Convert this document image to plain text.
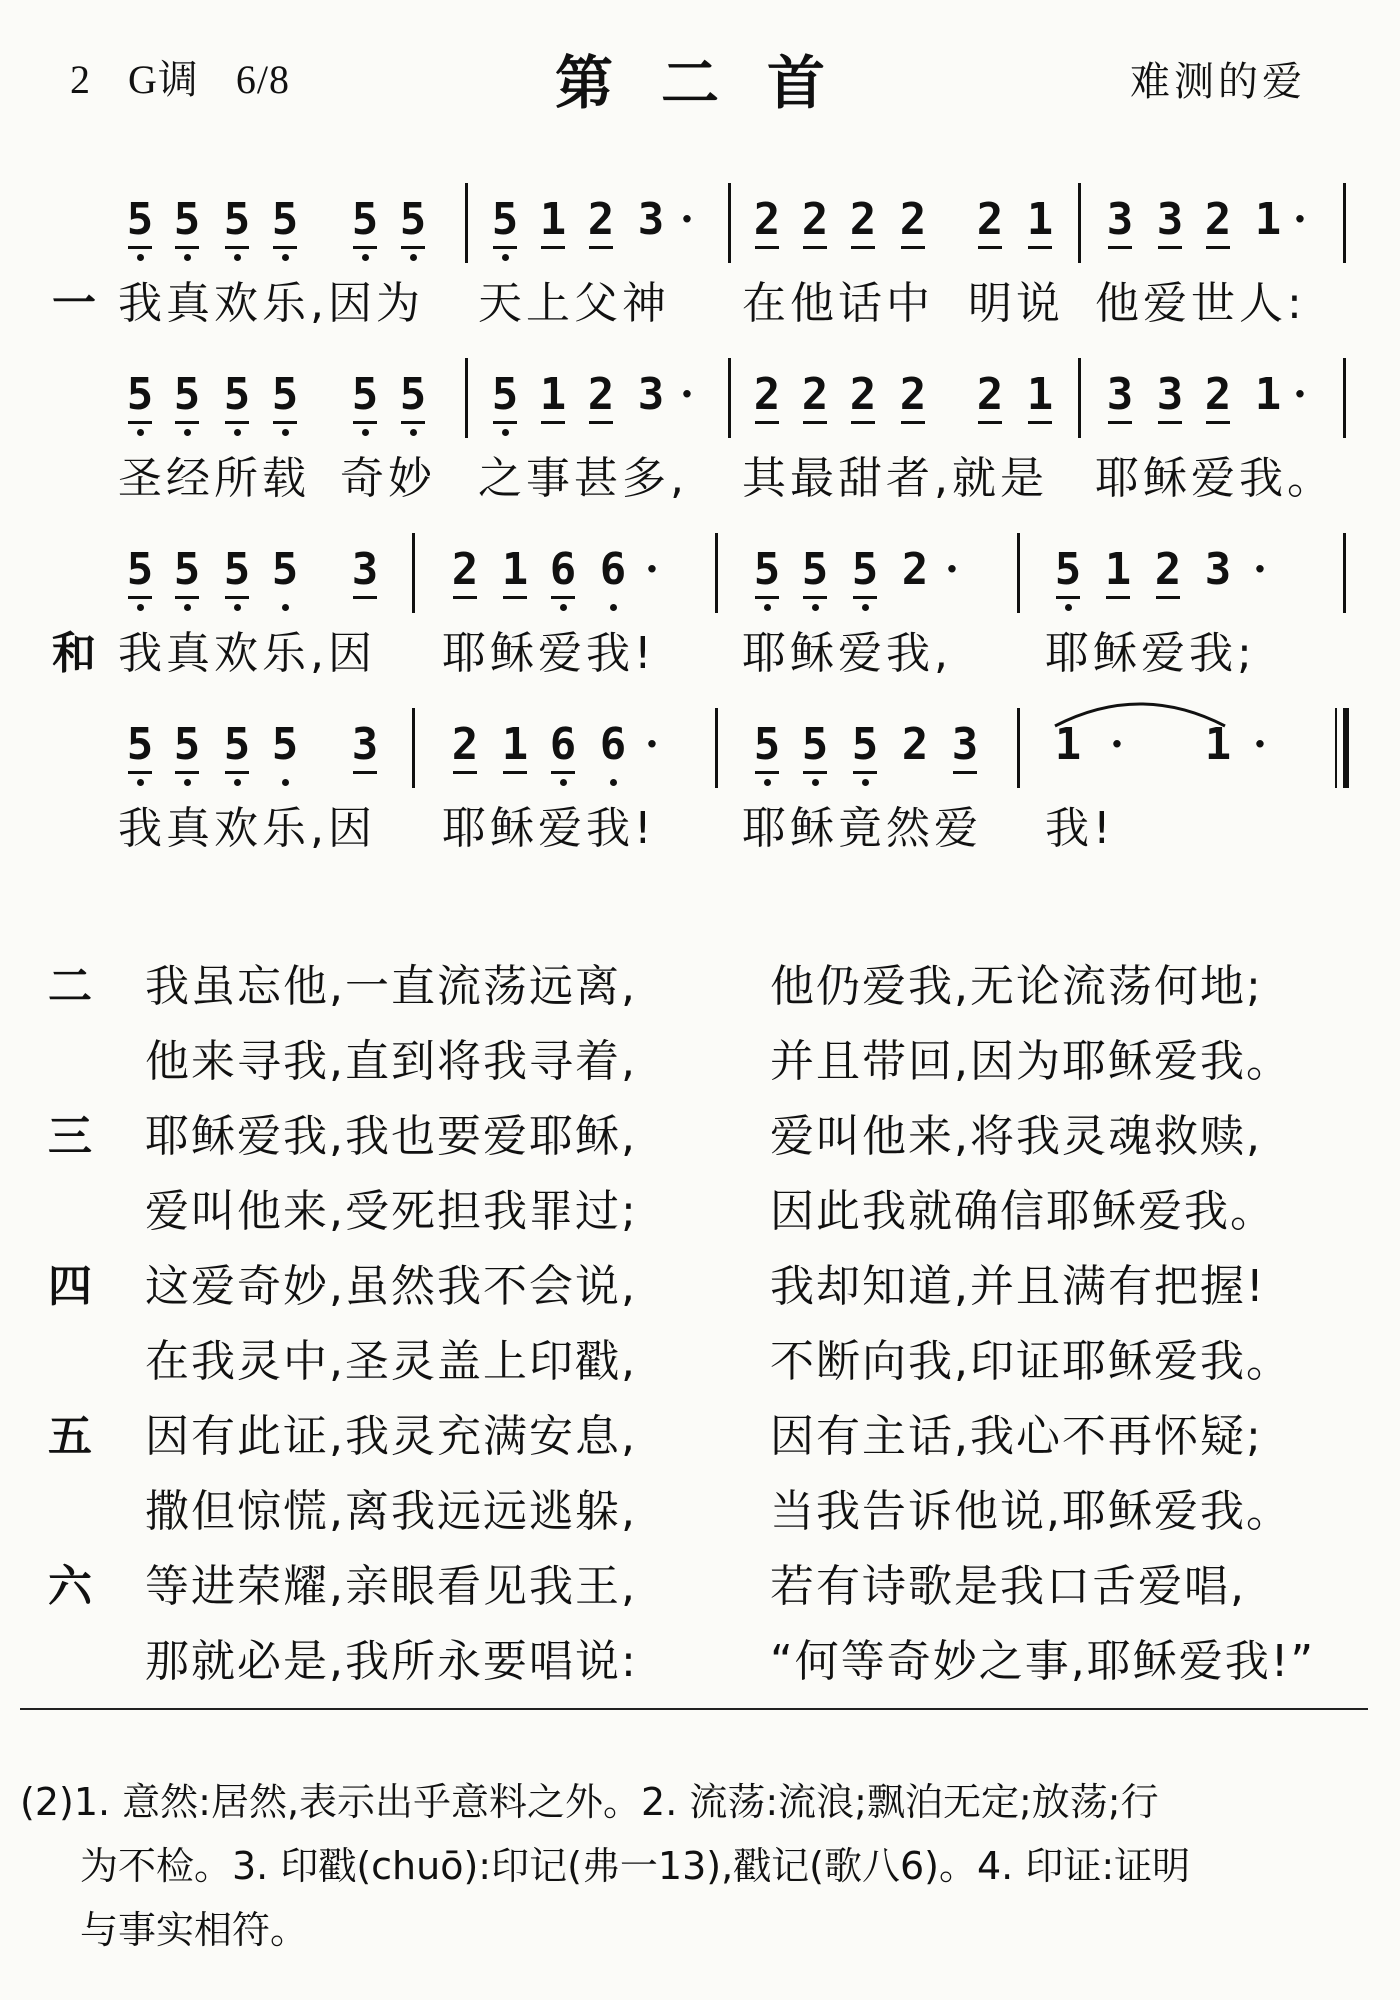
2 G调 6/8	第二首	难测的爱
5 5 5 5 5 5 5 1 2 3 · 2 2 2 2 2 1 3 3 2 1 ·
一 我真欢乐,因为 天上父神 在他话中 明说 他爱世人:
5 5 5 5 5 5 5 1 2 3 · 2 2 2 2 2 1 3 3 2 1 ·
圣经所载 奇妙 之事甚多, 其最甜者,就是 耶稣爱我。
5 5 5 5 3 2 1 6 6 · 5 5 5 2 · 5 1 2 3 ·
和 我真欢乐,因 耶稣爱我! 耶稣爱我, 耶稣爱我;
5 5 5 5 3 2 1 6 6 · 5 5 5 2 3 1 · 1 ·
我真欢乐,因 耶稣爱我! 耶稣竟然爱 我!
二 我虽忘他,一直流荡远离,	他仍爱我,无论流荡何地;
他来寻我,直到将我寻着,	并且带回,因为耶稣爱我。
三 耶稣爱我,我也要爱耶稣,	爱叫他来,将我灵魂救赎,
爱叫他来,受死担我罪过;	因此我就确信耶稣爱我。
四 这爱奇妙,虽然我不会说,	我却知道,并且满有把握!
在我灵中,圣灵盖上印戳,	不断向我,印证耶稣爱我。
五 因有此证,我灵充满安息,	因有主话,我心不再怀疑;
撒但惊慌,离我远远逃躲,	当我告诉他说,耶稣爱我。
六 等进荣耀,亲眼看见我王,	若有诗歌是我口舌爱唱,
那就必是,我所永要唱说:	“何等奇妙之事,耶稣爱我!”
(2)1. 意然:居然,表示出乎意料之外。2. 流荡:流浪;飘泊无定;放荡;行
为不检。3. 印戳(chuō):印记(弗一13),戳记(歌八6)。4. 印证:证明
与事实相符。
